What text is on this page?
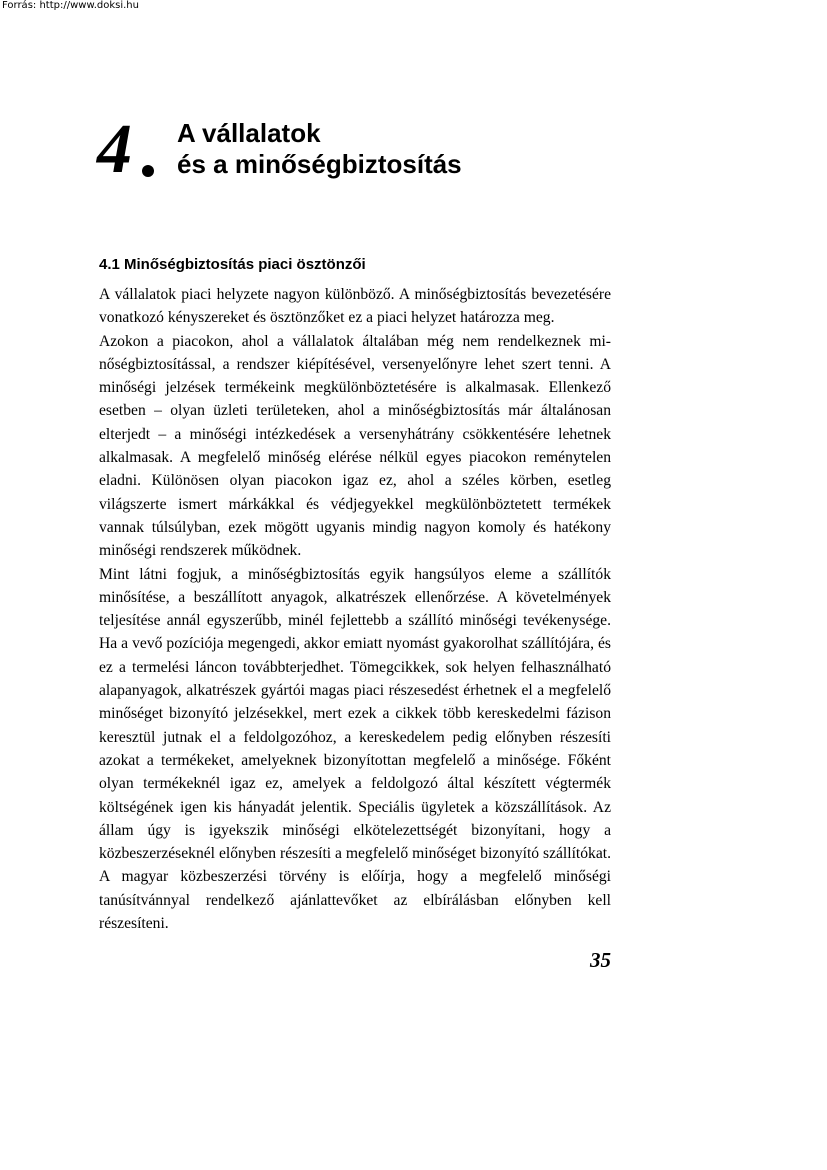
Forrás: http://www.doksi.hu
4 A vállalatok
és a minőségbiztosítás
4.1 Minőségbiztosítás piaci ösztönzői

A vállalatok piaci helyzete nagyon különböző. A minőségbiztosítás bevezetésére vonatkozó kényszereket és ösztönzőket ez a piaci helyzet határozza meg.

Azokon a piacokon, ahol a vállalatok általában még nem rendelkeznek minőségbiztosítással, a rendszer kiépítésével, versenyelőnyre lehet szert tenni. A minőségi jelzések termékeink megkülönböztetésére is alkalmasak. Ellenkező esetben – olyan üzleti területeken, ahol a minőségbiztosítás már általánosan elterjedt – a minőségi intézkedések a versenyhátrány csökkentésére lehetnek alkalmasak. A megfelelő minőség elérése nélkül egyes piacokon reménytelen eladni. Különösen olyan piacokon igaz ez, ahol a széles körben, esetleg világszerte ismert márkákkal és védjegyekkel megkülönböztetett termékek vannak túlsúlyban, ezek mögött ugyanis mindig nagyon komoly és hatékony minőségi rendszerek működnek.

Mint látni fogjuk, a minőségbiztosítás egyik hangsúlyos eleme a szállítók minősítése, a beszállított anyagok, alkatrészek ellenőrzése. A követelmények teljesítése annál egyszerűbb, minél fejlettebb a szállító minőségi tevékenysége. Ha a vevő pozíciója megengedi, akkor emiatt nyomást gyakorolhat szállítójára, és ez a termelési láncon továbbterjedhet. Tömegcikkek, sok helyen felhasználható alapanyagok, alkatrészek gyártói magas piaci részesedést érhetnek el a megfelelő minőséget bizonyító jelzésekkel, mert ezek a cikkek több kereskedelmi fázison keresztül jutnak el a feldolgozóhoz, a kereskedelem pedig előnyben részesíti azokat a termékeket, amelyeknek bizonyítottan megfelelő a minősége. Főként olyan termékeknél igaz ez, amelyek a feldolgozó által készített végtermék költségének igen kis hányadát jelentik. Speciális ügyletek a közszállítások. Az állam úgy is igyekszik minőségi elkötelezettségét bizonyítani, hogy a közbeszerzéseknél előnyben részesíti a megfelelő minőséget bizonyító szállítókat. A magyar közbeszerzési törvény is előírja, hogy a megfelelő minőségi tanúsítvánnyal rendelkező ajánlattevőket az elbírálásban előnyben kell részesíteni.

35
